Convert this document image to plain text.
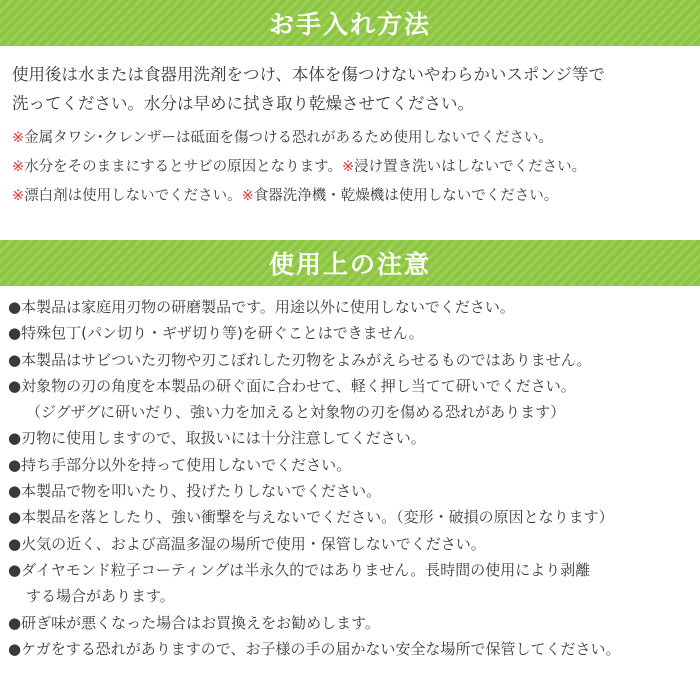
お手入れ方法
使用後は水または食器用洗剤をつけ、本体を傷つけないやわらかいスポンジ等で
洗ってください。水分は早めに拭き取り乾燥させてください。
※金属タワシ･クレンザーは砥面を傷つける恐れがあるため使用しないでください。
※水分をそのままにするとサビの原因となります。※浸け置き洗いはしないでください。
※漂白剤は使用しないでください。※食器洗浄機・乾燥機は使用しないでください。
使用上の注意
●本製品は家庭用刃物の研磨製品です。用途以外に使用しないでください。
●特殊包丁(パン切り・ギザ切り等)を研ぐことはできません。
●本製品はサビついた刃物や刃こぼれした刃物をよみがえらせるものではありません。
●対象物の刃の角度を本製品の研ぐ面に合わせて、軽く押し当てて研いでください。
（ジグザグに研いだり、強い力を加えると対象物の刃を傷める恐れがあります）
●刃物に使用しますので、取扱いには十分注意してください。
●持ち手部分以外を持って使用しないでください。
●本製品で物を叩いたり、投げたりしないでください。
●本製品を落としたり、強い衝撃を与えないでください。（変形・破損の原因となります）
●火気の近く、および高温多湿の場所で使用・保管しないでください。
●ダイヤモンド粒子コーティングは半永久的ではありません。長時間の使用により剥離
する場合があります。
●研ぎ味が悪くなった場合はお買換えをお勧めします。
●ケガをする恐れがありますので、お子様の手の届かない安全な場所で保管してください。
